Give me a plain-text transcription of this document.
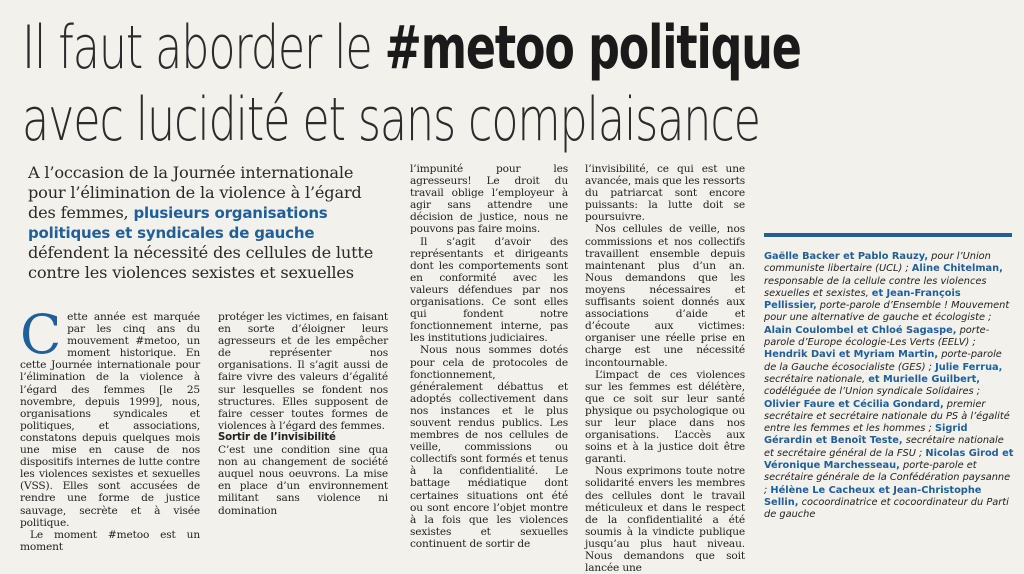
Il faut aborder le #metoo politique
avec lucidité et sans complaisance
A l’occasion de la Journée internationale pour l’élimination de la violence à l’égard des femmes, plusieurs organisations politiques et syndicales de gauche défendent la nécessité des cellules de lutte contre les violences sexistes et sexuelles

Cette année est marquée par les cinq ans du mouvement #metoo, un moment historique. En cette Journée internationale pour l’élimination de la violence à l’égard des femmes [le 25 novembre, depuis 1999], nous, organisations syndicales et politiques, et associations, constatons depuis quelques mois une mise en cause de nos dispositifs internes de lutte contre les violences sexistes et sexuelles (VSS). Elles sont accusées de rendre une forme de justice sauvage, secrète et à visée politique.

Le moment #metoo est un moment

protéger les victimes, en faisant en sorte d’éloigner leurs agresseurs et de les empêcher de représenter nos organisations. Il s’agit aussi de faire vivre des valeurs d’égalité sur lesquelles se fondent nos structures. Elles supposent de faire cesser toutes formes de violences à l’égard des femmes.

Sortir de l’invisibilité

C’est une condition sine qua non au changement de société auquel nous oeuvrons. La mise en place d’un environnement militant sans violence ni domination

l’impunité pour les agresseurs! Le droit du travail oblige l’employeur à agir sans attendre une décision de justice, nous ne pouvons pas faire moins.

Il s’agit d’avoir des représentants et dirigeants dont les comportements sont en conformité avec les valeurs défendues par nos organisations. Ce sont elles qui fondent notre fonctionnement interne, pas les institutions judiciaires.

Nous nous sommes dotés pour cela de protocoles de fonctionnement, généralement débattus et adoptés collectivement dans nos instances et le plus souvent rendus publics. Les membres de nos cellules de veille, commissions ou collectifs sont formés et tenus à la confidentialité. Le battage médiatique dont certaines situations ont été ou sont encore l’objet montre à la fois que les violences sexistes et sexuelles continuent de sortir de

l’invisibilité, ce qui est une avancée, mais que les ressorts du patriarcat sont encore puissants: la lutte doit se poursuivre.

Nos cellules de veille, nos commissions et nos collectifs travaillent ensemble depuis maintenant plus d’un an. Nous demandons que les moyens nécessaires et suffisants soient donnés aux associations d’aide et d’écoute aux victimes: organiser une réelle prise en charge est une nécessité incontournable.

L’impact de ces violences sur les femmes est délétère, que ce soit sur leur santé physique ou psychologique ou sur leur place dans nos organisations. L’accès aux soins et à la justice doit être garanti.

Nous exprimons toute notre solidarité envers les membres des cellules dont le travail méticuleux et dans le respect de la confidentialité a été soumis à la vindicte publique jusqu’au plus haut niveau. Nous demandons que soit lancée une

Gaëlle Backer et Pablo Rauzy, pour l’Union communiste libertaire (UCL) ; Aline Chitelman, responsable de la cellule contre les violences sexuelles et sexistes, et Jean-François Pellissier, porte-parole d’Ensemble ! Mouvement pour une alternative de gauche et écologiste ; Alain Coulombel et Chloé Sagaspe, porte-parole d’Europe écologie-Les Verts (EELV) ; Hendrik Davi et Myriam Martin, porte-parole de la Gauche écosocialiste (GES) ; Julie Ferrua, secrétaire nationale, et Murielle Guilbert, codéléguée de l’Union syndicale Solidaires ; Olivier Faure et Cécilia Gondard, premier secrétaire et secrétaire nationale du PS à l’égalité entre les femmes et les hommes ; Sigrid Gérardin et Benoît Teste, secrétaire nationale et secrétaire général de la FSU ; Nicolas Girod et Véronique Marchesseau, porte-parole et secrétaire générale de la Confédération paysanne ; Hélène Le Cacheux et Jean-Christophe Sellin, cocoordinatrice et cocoordinateur du Parti de gauche
